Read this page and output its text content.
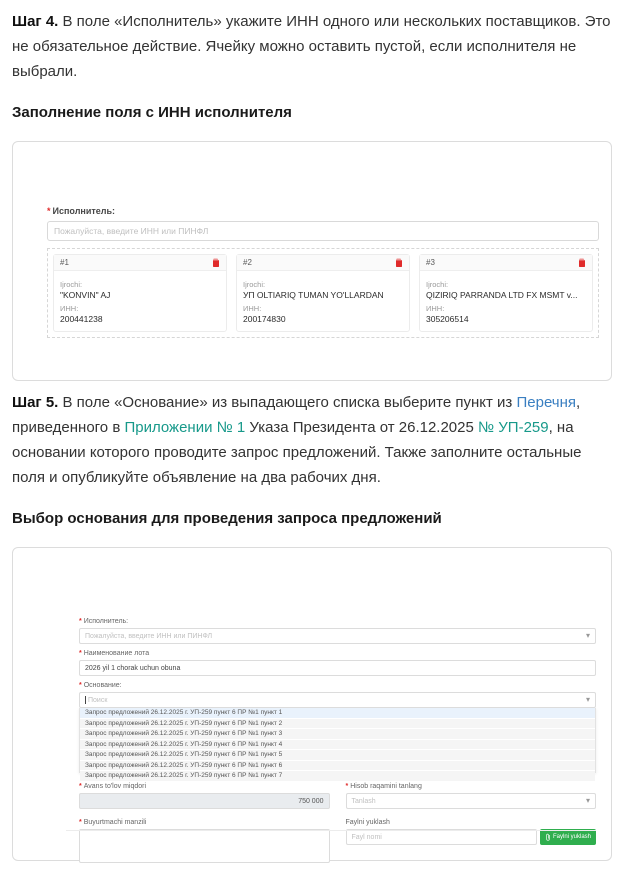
Шаг 4. В поле «Исполнитель» укажите ИНН одного или нескольких поставщиков. Это не обязательное действие. Ячейку можно оставить пустой, если исполнителя не выбрали.

Заполнение поля с ИНН исполнителя
* Исполнитель:
Пожалуйста, введите ИНН или ПИНФЛ
#1
Ijrochi:
"KONVIN" AJ
ИНН:
200441238
#2
Ijrochi:
УП OLTIARIQ TUMAN YO'LLARDAN
ИНН:
200174830
#3
Ijrochi:
QIZIRIQ PARRANDA LTD FX MSMT v...
ИНН:
305206514

Шаг 5. В поле «Основание» из выпадающего списка выберите пункт из Перечня, приведенного в Приложении № 1 Указа Президента от 26.12.2025 № УП-259, на основании которого проводите запрос предложений. Также заполните остальные поля и опубликуйте объявление на два рабочих дня.

Выбор основания для проведения запроса предложений
* Исполнитель:
Пожалуйста, введите ИНН или ПИНФЛ	▾
* Наименование лота
2026 yil 1 chorak uchun obuna
* Основание:
Поиск	▾
Запрос предложений 26.12.2025 г. УП-259 пункт 6 ПР №1 пункт 1
Запрос предложений 26.12.2025 г. УП-259 пункт 6 ПР №1 пункт 2
Запрос предложений 26.12.2025 г. УП-259 пункт 6 ПР №1 пункт 3
Запрос предложений 26.12.2025 г. УП-259 пункт 6 ПР №1 пункт 4
Запрос предложений 26.12.2025 г. УП-259 пункт 6 ПР №1 пункт 5
Запрос предложений 26.12.2025 г. УП-259 пункт 6 ПР №1 пункт 6
Запрос предложений 26.12.2025 г. УП-259 пункт 6 ПР №1 пункт 7
* Avans to'lov miqdori
750 000
* Hisob raqamini tanlang
Tanlash	▾
* Buyurtmachi manzili	Faylni yuklash
Fayl nomi	Faylni yuklash
